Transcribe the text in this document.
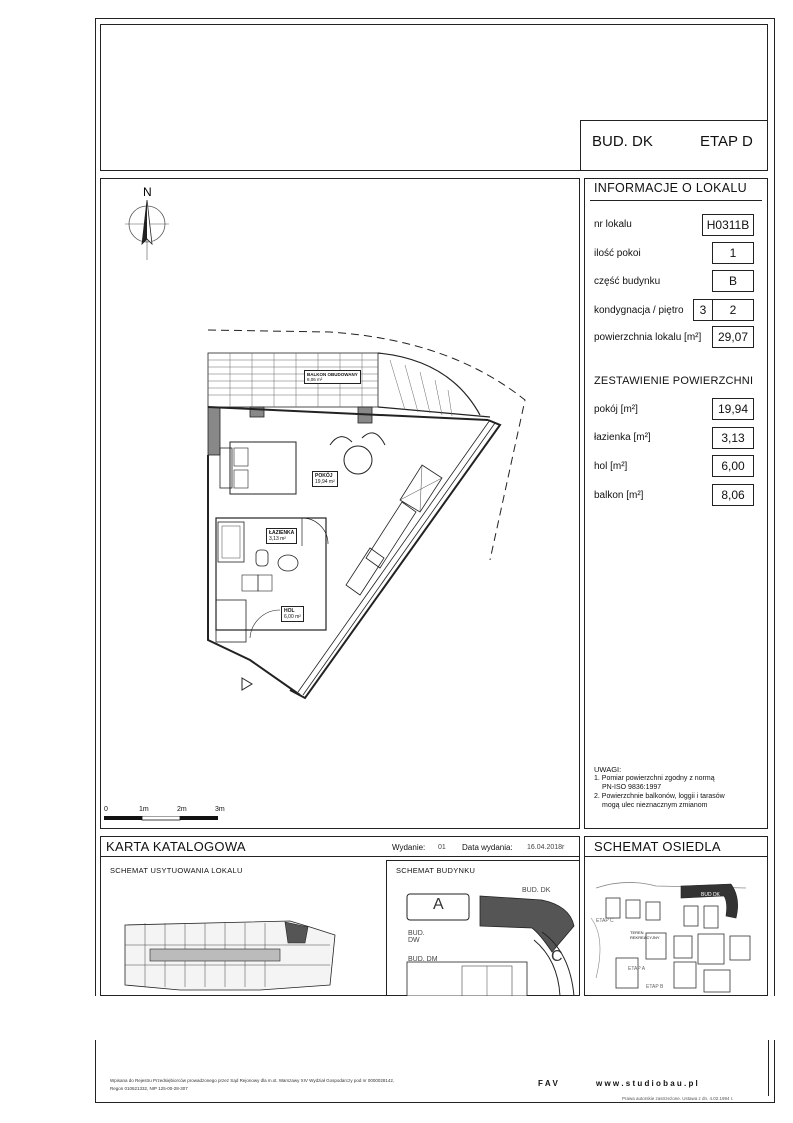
BUD. DK	ETAP D
INFORMACJE O LOKALU
nr lokalu	H0311B
ilość pokoi	1
część budynku	B
kondygnacja / piętro	3	2
powierzchnia lokalu [m²]	29,07
ZESTAWIENIE POWIERZCHNI
pokój [m²]	19,94
łazienka [m²]	3,13
hol [m²]	6,00
balkon [m²]	8,06
UWAGI:
1. Pomiar powierzchni zgodny z normą
PN-ISO 9836:1997
2. Powierzchnie balkonów, loggii i tarasów
mogą ulec nieznacznym zmianom
N
BALKON OBUDOWANY
8,06 m²
POKÓJ
19,94 m²
ŁAZIENKA
3,13 m²
HOL
6,00 m²
0	1m	2m	3m
KARTA KATALOGOWA	Wydanie: 01 Data wydania: 16.04.2018r SCHEMAT OSIEDLA
SCHEMAT USYTUOWANIA LOKALU	SCHEMAT BUDYNKU
A
C
BUD. DK
BUD. DW
BUD. DM
BUD DK
TEREN REKREACYJNY
ETAP C
ETAP A
ETAP B
Wpisana do Rejestru Przedsiębiorców prowadzonego przez Sąd Rejonowy dla m.st. Warszawy XIV Wydział Gospodarczy pod nr 0000028142,
Regon 010621332, NIP 125-00-28-307
F A V	w w w . s t u d i o b a u . p l
Prawa autorskie zastrzeżone. Ustawa z dn. 4.02.1994 r.
